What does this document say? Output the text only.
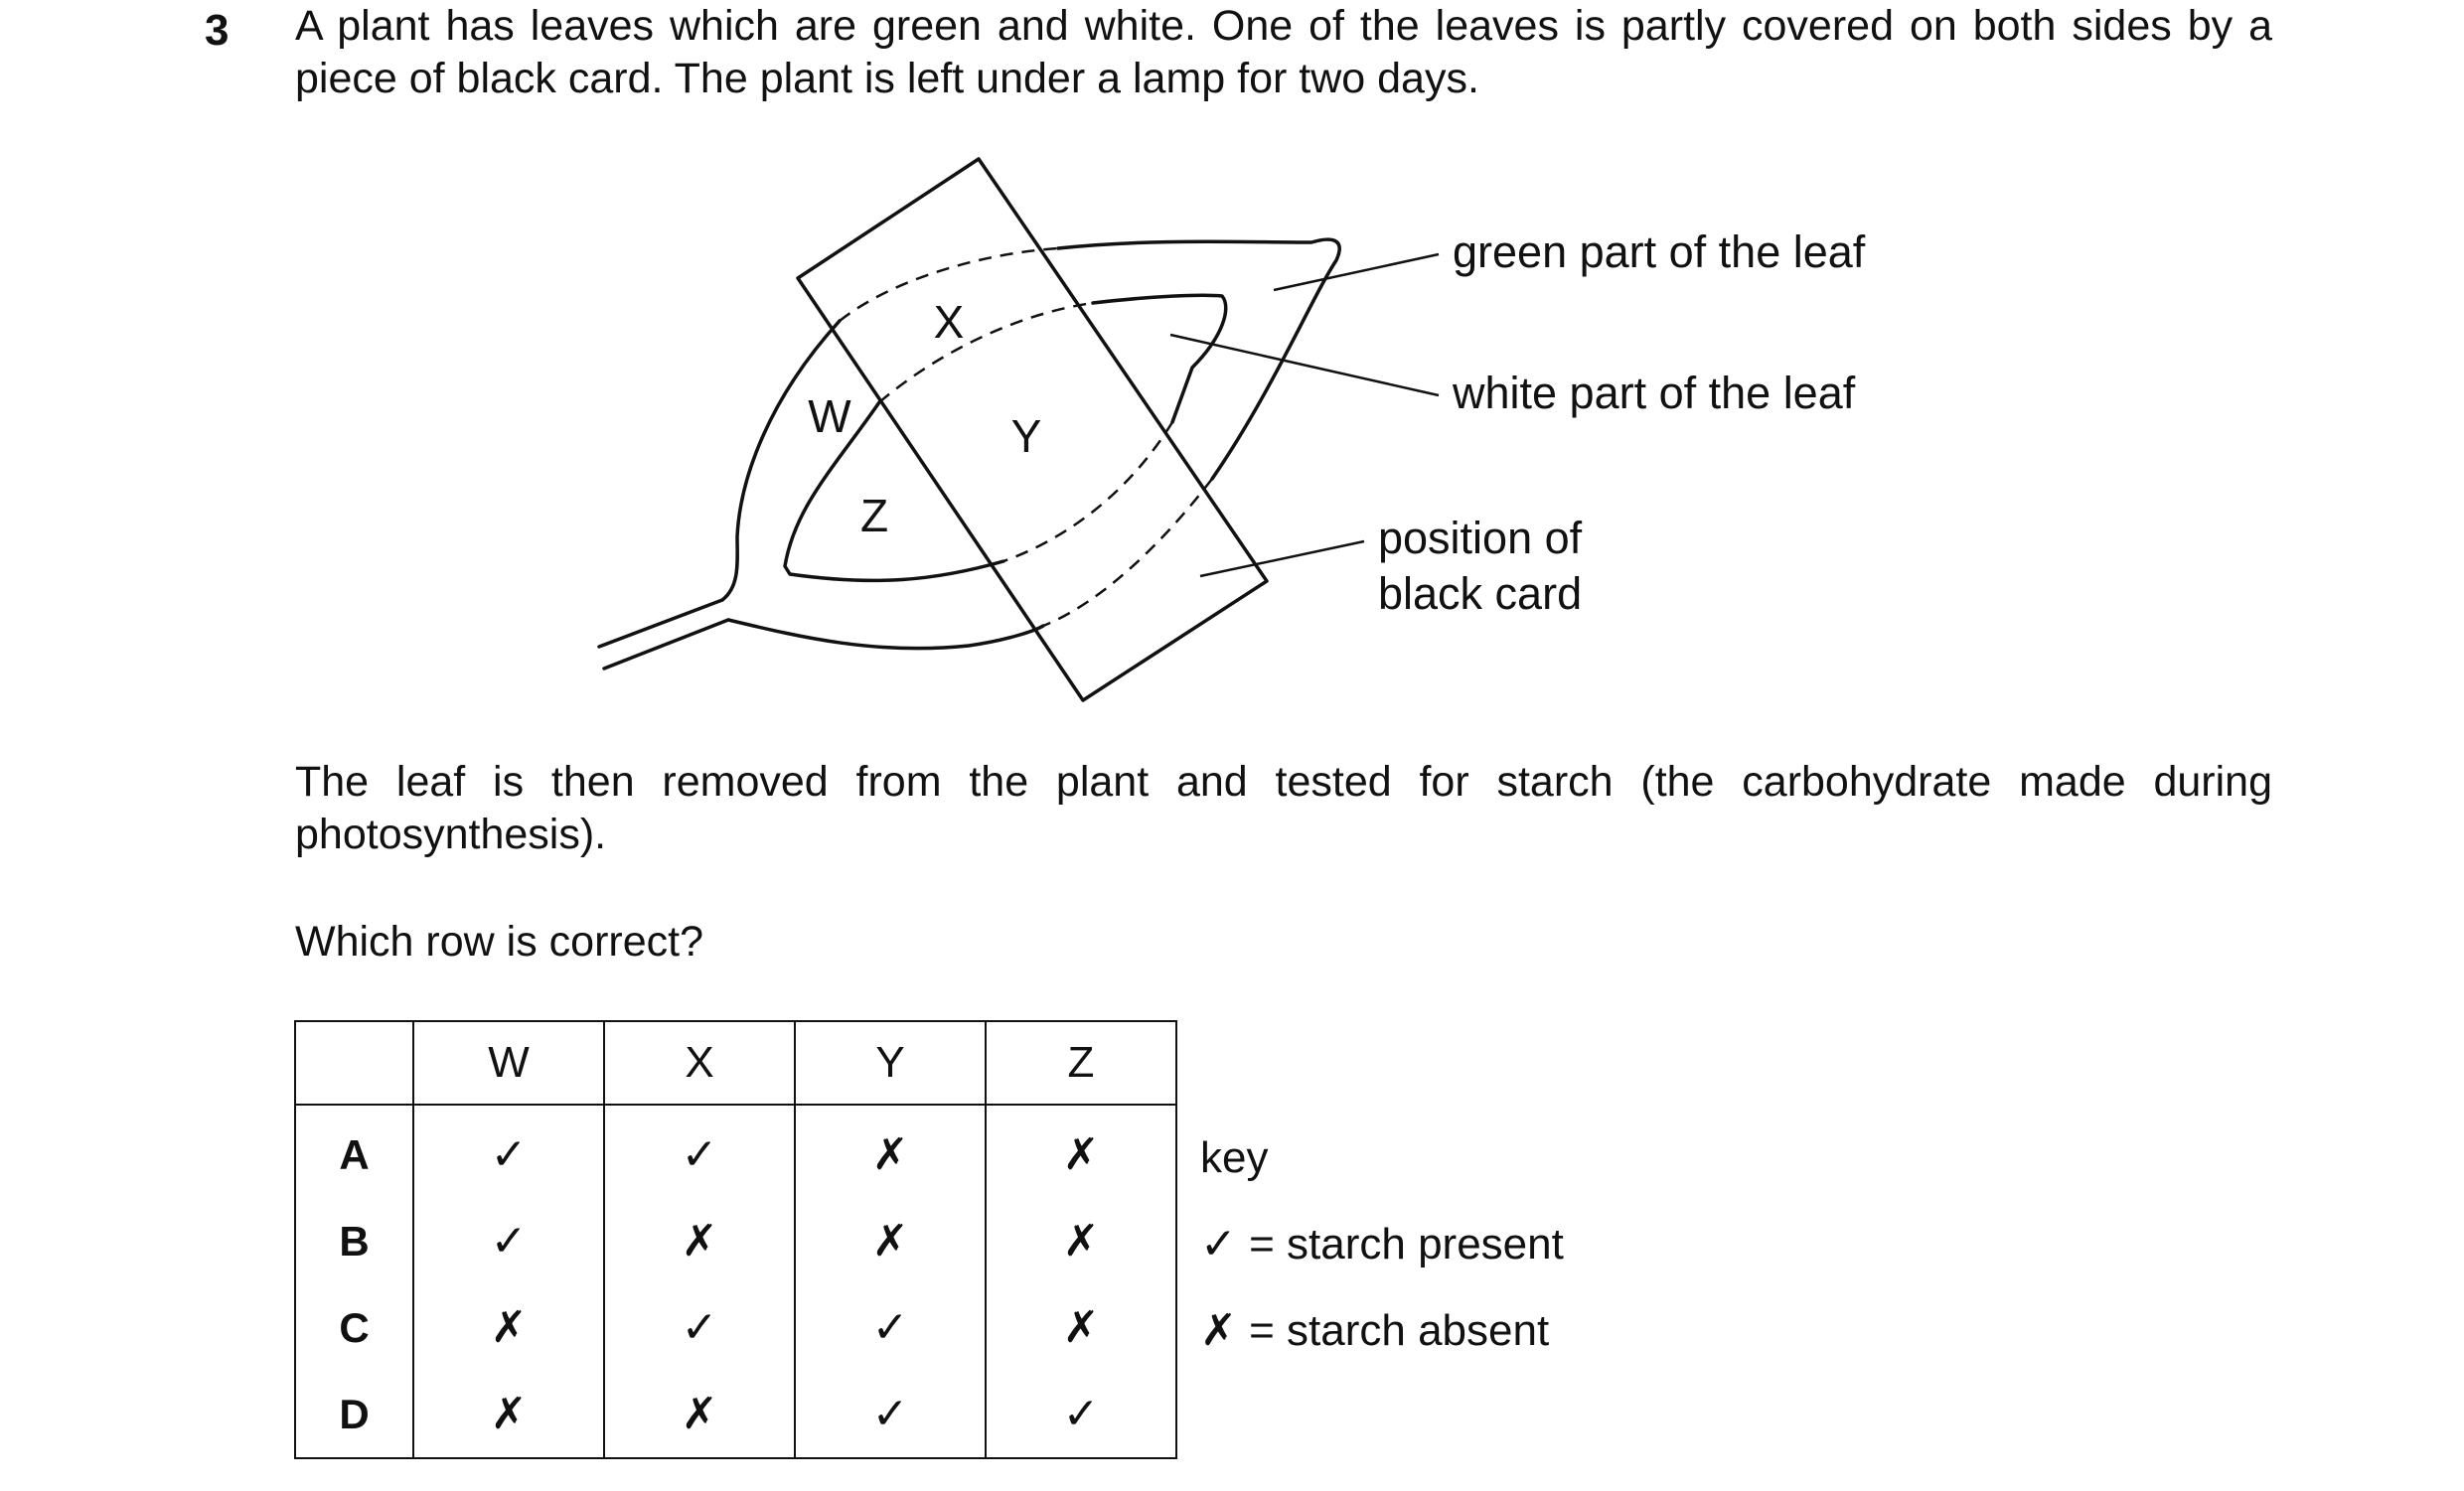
3 A plant has leaves which are green and white. One of the leaves is partly covered on both sides by a piece of black card. The plant is left under a lamp for two days.
W
X
Y
Z
green part of the leaf
white part of the leaf
position of
black card
The leaf is then removed from the plant and tested for starch (the carbohydrate made during photosynthesis).
Which row is correct?
	W	X	Y	Z
A	✓	✓	✗	✗
B	✓	✗	✗	✗
C	✗	✓	✓	✗
D	✗	✗	✓	✓
key
✓ = starch present
✗ = starch absent
